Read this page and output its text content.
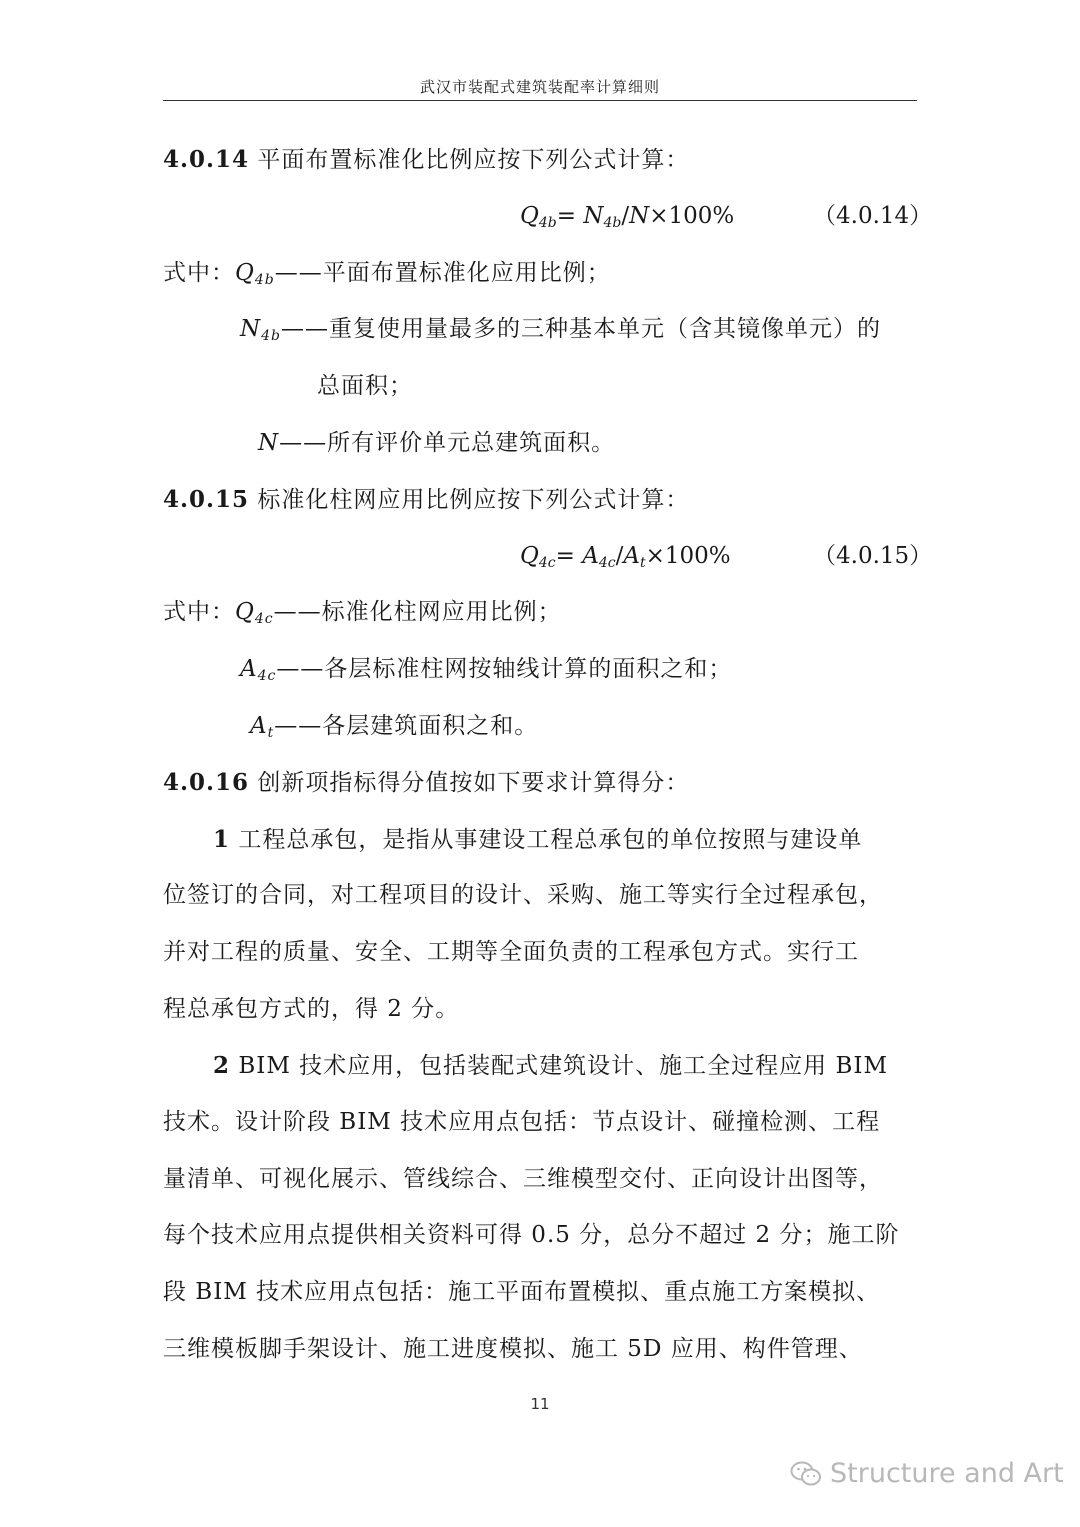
武汉市装配式建筑装配率计算细则
4.0.14 平面布置标准化比例应按下列公式计算：
$Q_{4b}= N_{4b}/N\times 100\%$	（4.0.14）
式中：$Q_{4b}——$平面布置标准化应用比例；
$N_{4b}——$重复使用量最多的三种基本单元（含其镜像单元）的
总面积；
N——所有评价单元总建筑面积。
4.0.15 标准化柱网应用比例应按下列公式计算：
$Q_{4c}= A_{4c}/A_t\times 100\%$	（4.0.15）
式中：$Q_{4c}——$标准化柱网应用比例；
$A_{4c}——$各层标准柱网按轴线计算的面积之和；
$A_t——$各层建筑面积之和。
4.0.16 创新项指标得分值按如下要求计算得分：
1 工程总承包，是指从事建设工程总承包的单位按照与建设单
位签订的合同，对工程项目的设计、采购、施工等实行全过程承包，
并对工程的质量、安全、工期等全面负责的工程承包方式。实行工
程总承包方式的，得 2 分。
2 BIM 技术应用，包括装配式建筑设计、施工全过程应用 BIM
技术。设计阶段 BIM 技术应用点包括：节点设计、碰撞检测、工程
量清单、可视化展示、管线综合、三维模型交付、正向设计出图等，
每个技术应用点提供相关资料可得 0.5 分，总分不超过 2 分；施工阶
段 BIM 技术应用点包括：施工平面布置模拟、重点施工方案模拟、
三维模板脚手架设计、施工进度模拟、施工 5D 应用、构件管理、
11
Structure and Art
